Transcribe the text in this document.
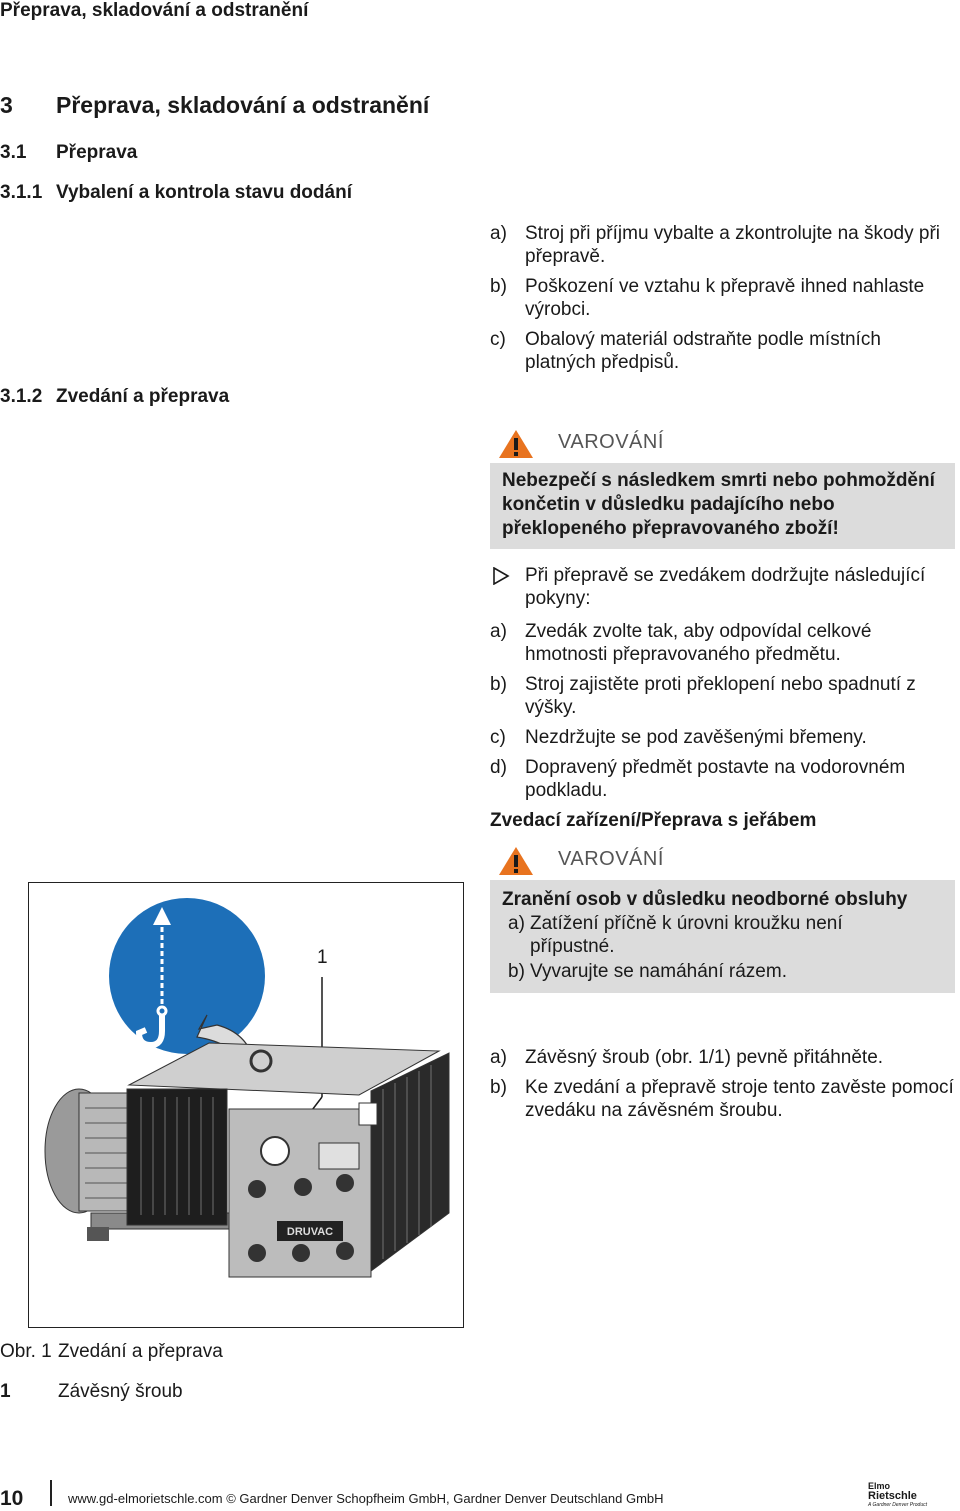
Přeprava, skladování a odstranění
3 Přeprava, skladování a odstranění
3.1 Přeprava
3.1.1 Vybalení a kontrola stavu dodání
3.1.2 Zvedání a přeprava
a) Stroj při příjmu vybalte a zkontrolujte na škody při přepravě.
b) Poškození ve vztahu k přepravě ihned nahlaste výrobci.
c) Obalový materiál odstraňte podle místních platných předpisů.
VAROVÁNÍ
Nebezpečí s následkem smrti nebo pohmoždění končetin v důsledku padajícího nebo překlopeného přepravovaného zboží!
Při přepravě se zvedákem dodržujte následující pokyny:
a) Zvedák zvolte tak, aby odpovídal celkové hmotnosti přepravovaného předmětu.
b) Stroj zajistěte proti překlopení nebo spadnutí z výšky.
c) Nezdržujte se pod zavěšenými břemeny.
d) Dopravený předmět postavte na vodorovném podkladu.
Zvedací zařízení/Přeprava s jeřábem
VAROVÁNÍ
Zranění osob v důsledku neodborné obsluhy
a) Zatížení příčně k úrovni kroužku není přípustné.
b) Vyvarujte se namáhání rázem.
a) Závěsný šroub (obr. 1/1) pevně přitáhněte.
b) Ke zvedání a přepravě stroje tento zavěste pomocí zvedáku na závěsném šroubu.
1
DRUVAC
Obr. 1 Zvedání a přeprava
1 Závěsný šroub
10	www.gd-elmorietschle.com © Gardner Denver Schopfheim GmbH, Gardner Denver Deutschland GmbH
Elmo
Rietschle
A Gardner Denver Product
